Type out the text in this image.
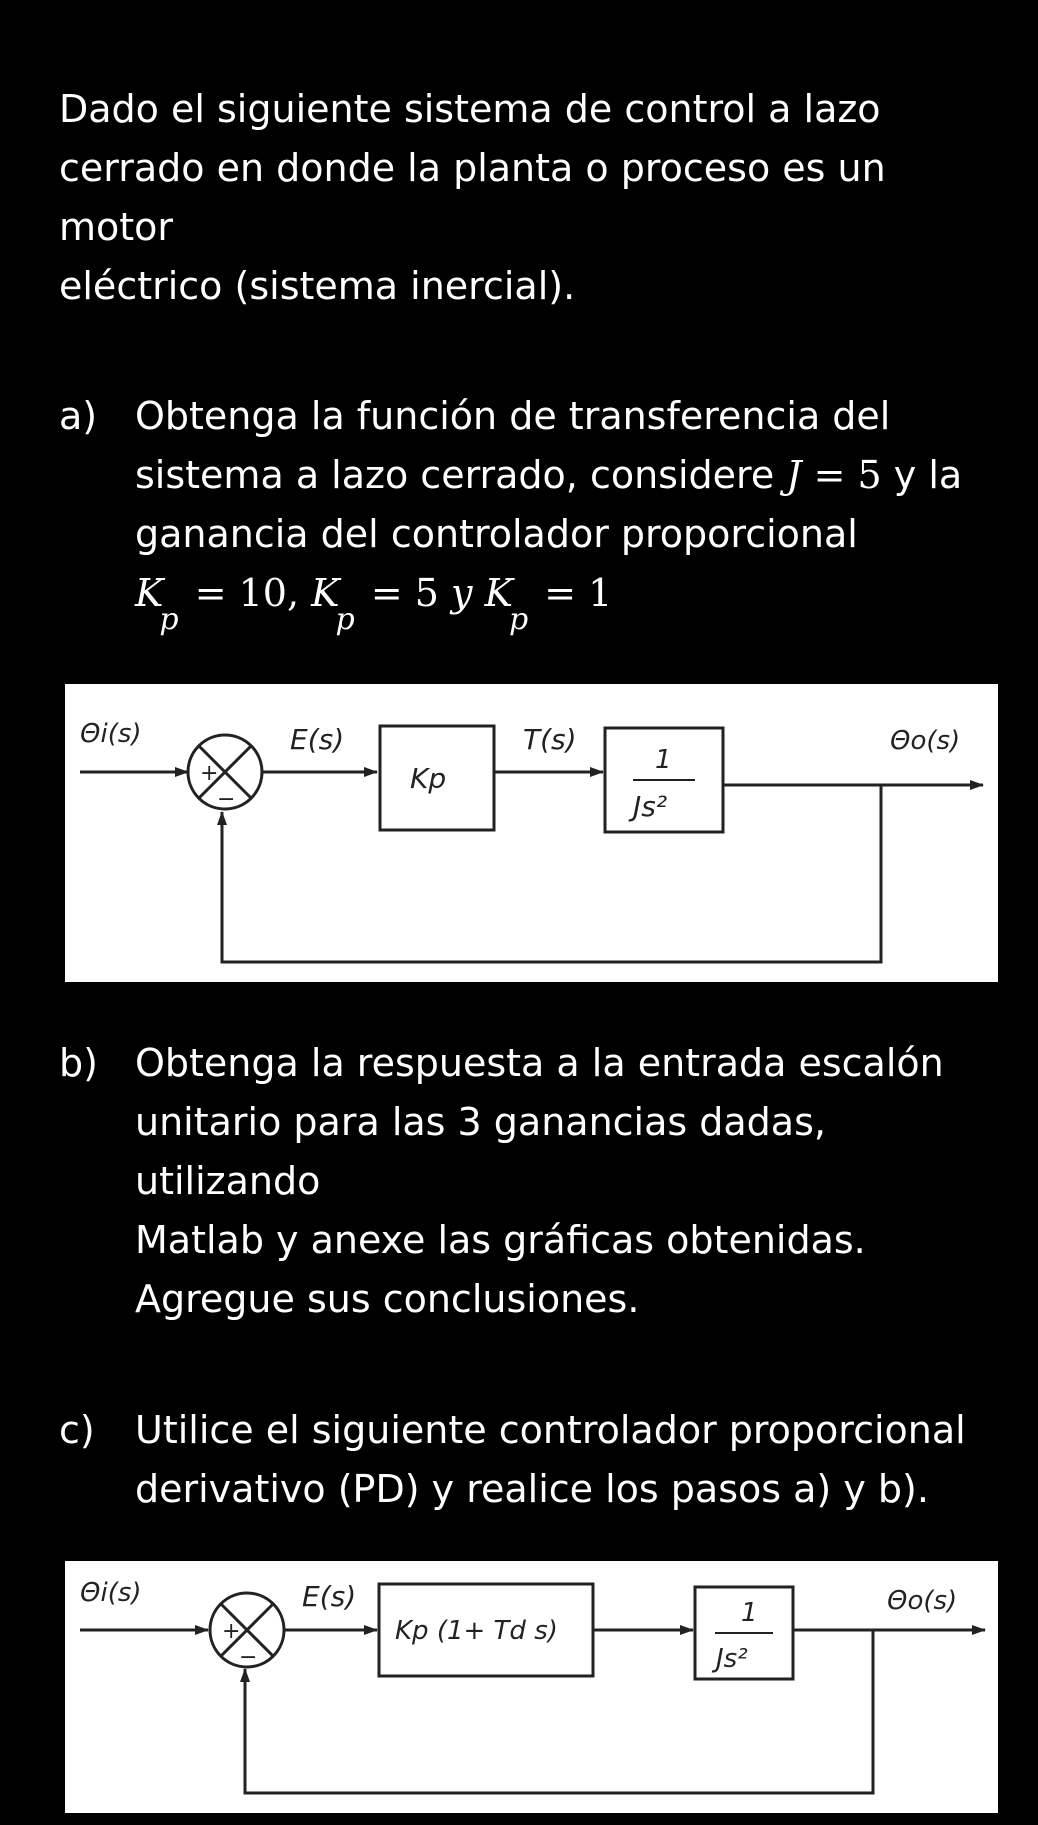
Dado el siguiente sistema de control a lazo
cerrado en donde la planta o proceso es un motor
eléctrico (sistema inercial).
a) Obtenga la función de transferencia del
sistema a lazo cerrado, considere J = 5 y la
ganancia del controlador proporcional
$K_p = 10$, $K_p = 5$ y $K_p = 1$
Θi(s)
+
−
E(s)
Kp
T(s)
1
Js²
Θo(s)
b) Obtenga la respuesta a la entrada escalón
unitario para las 3 ganancias dadas, utilizando
Matlab y anexe las gráficas obtenidas.
Agregue sus conclusiones.
c) Utilice el siguiente controlador proporcional
derivativo (PD) y realice los pasos a) y b).
Θi(s)
+
−
E(s)
Kp (1+ Td s)
1
Js²
Θo(s)
